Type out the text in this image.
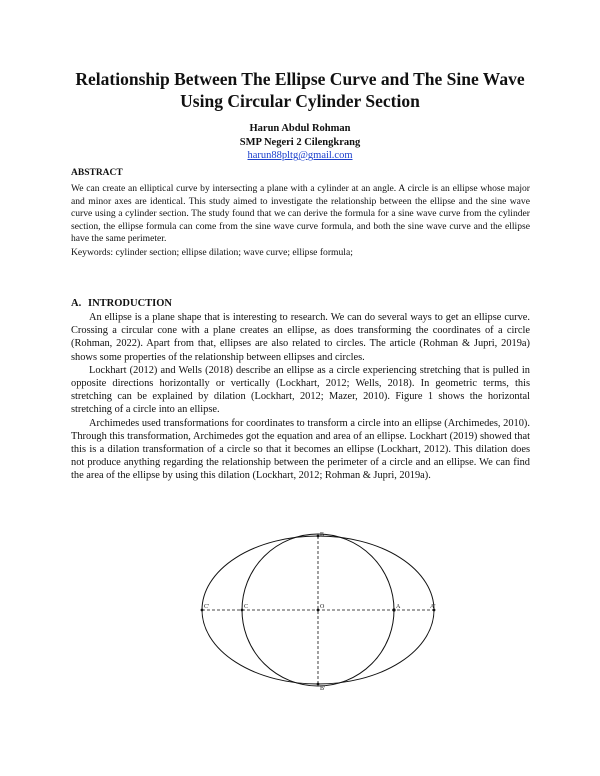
Relationship Between The Ellipse Curve and The Sine Wave Using Circular Cylinder Section
Harun Abdul Rohman
SMP Negeri 2 Cilengkrang
harun88pltg@gmail.com
ABSTRACT
We can create an elliptical curve by intersecting a plane with a cylinder at an angle. A circle is an ellipse whose major and minor axes are identical. This study aimed to investigate the relationship between the ellipse and the sine wave curve using a cylinder section. The study found that we can derive the formula for a sine wave curve from the cylinder section, the ellipse formula can come from the sine wave curve formula, and both the sine wave curve and the ellipse have the same perimeter.
Keywords: cylinder section; ellipse dilation; wave curve; ellipse formula;
A. INTRODUCTION

An ellipse is a plane shape that is interesting to research. We can do several ways to get an ellipse curve. Crossing a circular cone with a plane creates an ellipse, as does transforming the coordinates of a circle (Rohman, 2022). Apart from that, ellipses are also related to circles. The article (Rohman & Jupri, 2019a) shows some properties of the relationship between ellipses and circles.

Lockhart (2012) and Wells (2018) describe an ellipse as a circle experiencing stretching that is pulled in opposite directions horizontally or vertically (Lockhart, 2012; Wells, 2018). In geometric terms, this stretching can be explained by dilation (Lockhart, 2012; Mazer, 2010). Figure 1 shows the horizontal stretching of a circle into an ellipse.

Archimedes used transformations for coordinates to transform a circle into an ellipse (Archimedes, 2010). Through this transformation, Archimedes got the equation and area of an ellipse. Lockhart (2019) showed that this is a dilation transformation of a circle so that it becomes an ellipse (Lockhart, 2012). This dilation does not produce anything regarding the relationship between the perimeter of a circle and an ellipse. We can find the area of the ellipse by using this dilation (Lockhart, 2012; Rohman & Jupri, 2019a).

B
B'
O
C'	C	A	A'
